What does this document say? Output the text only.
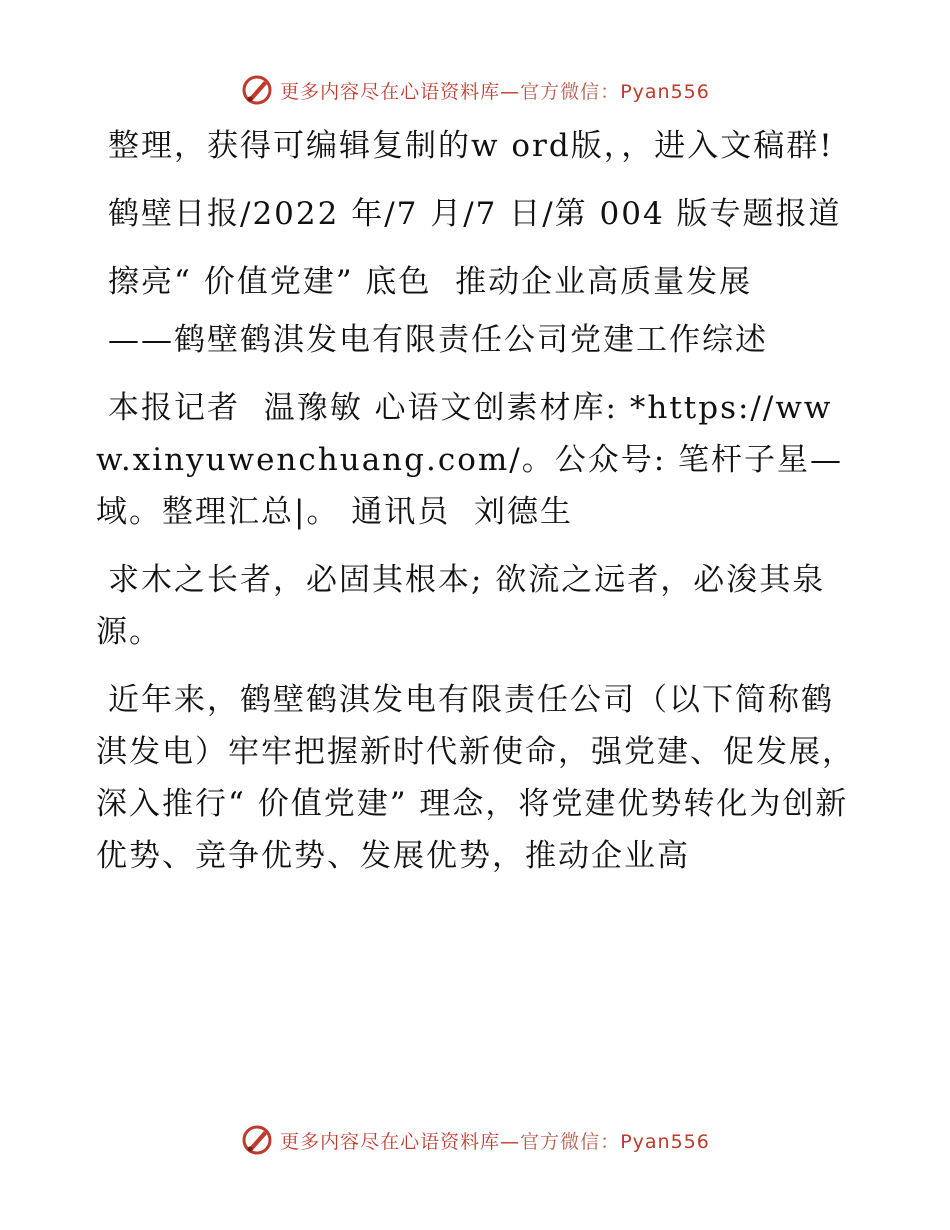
更多内容尽在心语资料库—官方微信：Pyan556

整理，获得可编辑复制的w ord版，，进入文稿群!

鹤壁日报/2022 年/7 月/7 日/第 004 版专题报道

擦亮“ 价值党建” 底色  推动企业高质量发展

——鹤壁鹤淇发电有限责任公司党建工作综述

本报记者  温豫敏 心语文创素材库: *https://www.xinyuwenchuang.com/。公众号: 笔杆子星—域。整理汇总|。 通讯员  刘德生

求木之长者，必固其根本; 欲流之远者，必浚其泉源。

近年来，鹤壁鹤淇发电有限责任公司（以下简称鹤淇发电）牢牢把握新时代新使命，强党建、促发展，深入推行“ 价值党建” 理念，将党建优势转化为创新优势、竞争优势、发展优势，推动企业高

更多内容尽在心语资料库—官方微信：Pyan556
